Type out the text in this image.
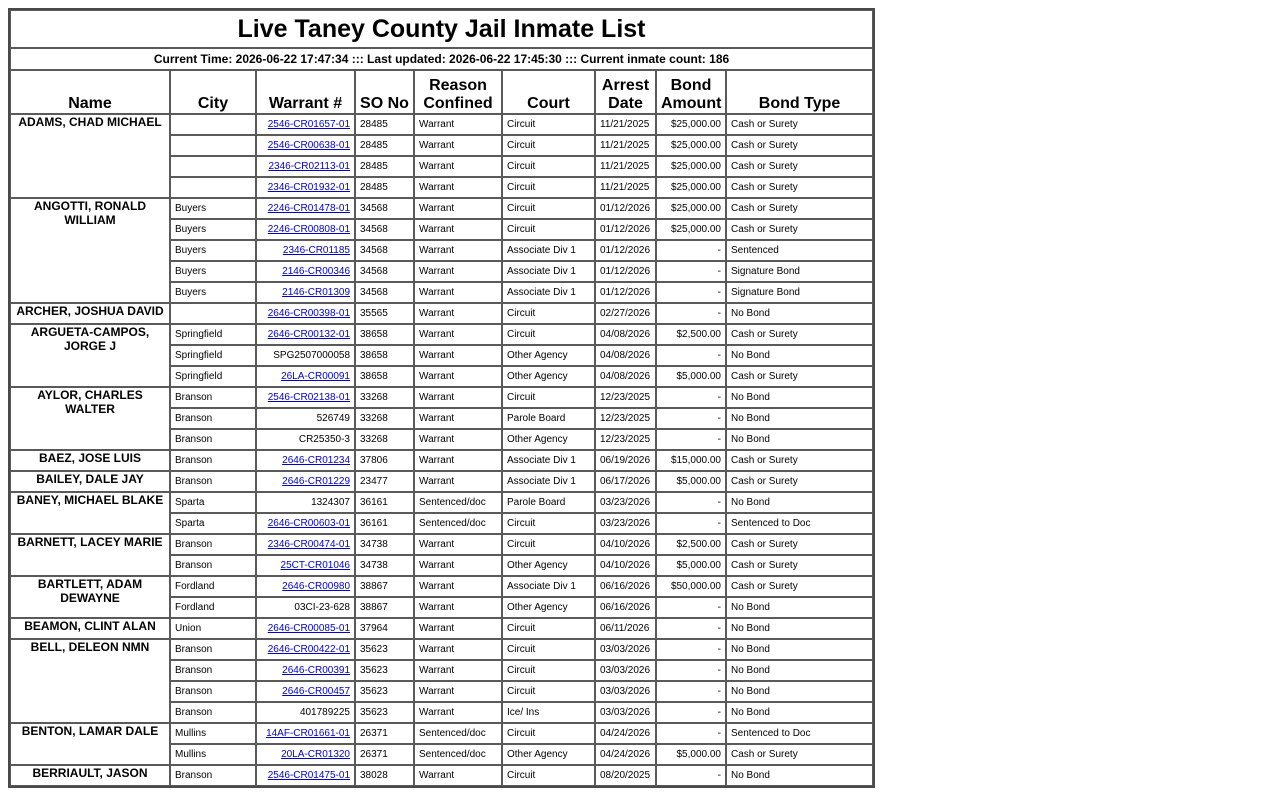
Live Taney County Jail Inmate List								
Current Time: 2026-06-22 17:47:34 ::: Last updated: 2026-06-22 17:45:30 ::: Current inmate count: 186								
Name	City	Warrant #	SO No	Reason Confined	Court	Arrest Date	Bond Amount	Bond Type
ADAMS, CHAD MICHAEL		2546-CR01657-01	28485	Warrant	Circuit	11/21/2025	$25,000.00	Cash or Surety
		2546-CR00638-01	28485	Warrant	Circuit	11/21/2025	$25,000.00	Cash or Surety
		2346-CR02113-01	28485	Warrant	Circuit	11/21/2025	$25,000.00	Cash or Surety
		2346-CR01932-01	28485	Warrant	Circuit	11/21/2025	$25,000.00	Cash or Surety
ANGOTTI, RONALD WILLIAM	Buyers	2246-CR01478-01	34568	Warrant	Circuit	01/12/2026	$25,000.00	Cash or Surety
	Buyers	2246-CR00808-01	34568	Warrant	Circuit	01/12/2026	$25,000.00	Cash or Surety
	Buyers	2346-CR01185	34568	Warrant	Associate Div 1	01/12/2026	-	Sentenced
	Buyers	2146-CR00346	34568	Warrant	Associate Div 1	01/12/2026	-	Signature Bond
	Buyers	2146-CR01309	34568	Warrant	Associate Div 1	01/12/2026	-	Signature Bond
ARCHER, JOSHUA DAVID		2646-CR00398-01	35565	Warrant	Circuit	02/27/2026	-	No Bond
ARGUETA-CAMPOS, JORGE J	Springfield	2646-CR00132-01	38658	Warrant	Circuit	04/08/2026	$2,500.00	Cash or Surety
	Springfield	SPG2507000058	38658	Warrant	Other Agency	04/08/2026	-	No Bond
	Springfield	26LA-CR00091	38658	Warrant	Other Agency	04/08/2026	$5,000.00	Cash or Surety
AYLOR, CHARLES WALTER	Branson	2546-CR02138-01	33268	Warrant	Circuit	12/23/2025	-	No Bond
	Branson	526749	33268	Warrant	Parole Board	12/23/2025	-	No Bond
	Branson	CR25350-3	33268	Warrant	Other Agency	12/23/2025	-	No Bond
BAEZ, JOSE LUIS	Branson	2646-CR01234	37806	Warrant	Associate Div 1	06/19/2026	$15,000.00	Cash or Surety
BAILEY, DALE JAY	Branson	2646-CR01229	23477	Warrant	Associate Div 1	06/17/2026	$5,000.00	Cash or Surety
BANEY, MICHAEL BLAKE	Sparta	1324307	36161	Sentenced/doc	Parole Board	03/23/2026	-	No Bond
	Sparta	2646-CR00603-01	36161	Sentenced/doc	Circuit	03/23/2026	-	Sentenced to Doc
BARNETT, LACEY MARIE	Branson	2346-CR00474-01	34738	Warrant	Circuit	04/10/2026	$2,500.00	Cash or Surety
	Branson	25CT-CR01046	34738	Warrant	Other Agency	04/10/2026	$5,000.00	Cash or Surety
BARTLETT, ADAM DEWAYNE	Fordland	2646-CR00980	38867	Warrant	Associate Div 1	06/16/2026	$50,000.00	Cash or Surety
	Fordland	03CI-23-628	38867	Warrant	Other Agency	06/16/2026	-	No Bond
BEAMON, CLINT ALAN	Union	2646-CR00085-01	37964	Warrant	Circuit	06/11/2026	-	No Bond
BELL, DELEON NMN	Branson	2646-CR00422-01	35623	Warrant	Circuit	03/03/2026	-	No Bond
	Branson	2646-CR00391	35623	Warrant	Circuit	03/03/2026	-	No Bond
	Branson	2646-CR00457	35623	Warrant	Circuit	03/03/2026	-	No Bond
	Branson	401789225	35623	Warrant	Ice/ Ins	03/03/2026	-	No Bond
BENTON, LAMAR DALE	Mullins	14AF-CR01661-01	26371	Sentenced/doc	Circuit	04/24/2026	-	Sentenced to Doc
	Mullins	20LA-CR01320	26371	Sentenced/doc	Other Agency	04/24/2026	$5,000.00	Cash or Surety
BERRIAULT, JASON	Branson	2546-CR01475-01	38028	Warrant	Circuit	08/20/2025	-	No Bond
